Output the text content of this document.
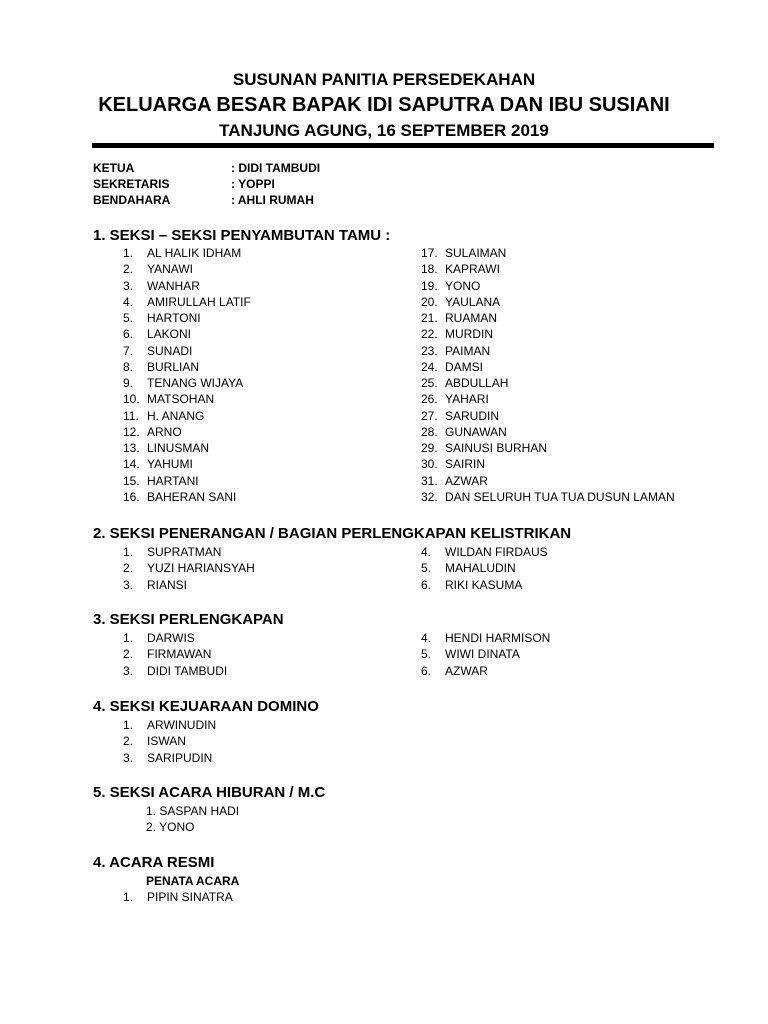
SUSUNAN PANITIA PERSEDEKAHAN
KELUARGA BESAR BAPAK IDI SAPUTRA DAN IBU SUSIANI
TANJUNG AGUNG, 16 SEPTEMBER 2019
KETUA	: DIDI TAMBUDI
SEKRETARIS	: YOPPI
BENDAHARA	: AHLI RUMAH
1. SEKSI – SEKSI PENYAMBUTAN TAMU :
1. AL HALIK IDHAM
2. YANAWI
3. WANHAR
4. AMIRULLAH LATIF
5. HARTONI
6. LAKONI
7. SUNADI
8. BURLIAN
9. TENANG WIJAYA
10. MATSOHAN
11. H. ANANG
12. ARNO
13. LINUSMAN
14. YAHUMI
15. HARTANI
16. BAHERAN SANI
17. SULAIMAN
18. KAPRAWI
19. YONO
20. YAULANA
21. RUAMAN
22. MURDIN
23. PAIMAN
24. DAMSI
25. ABDULLAH
26. YAHARI
27. SARUDIN
28. GUNAWAN
29. SAINUSI BURHAN
30. SAIRIN
31. AZWAR
32. DAN SELURUH TUA TUA DUSUN LAMAN
2. SEKSI PENERANGAN / BAGIAN PERLENGKAPAN KELISTRIKAN
1. SUPRATMAN
2. YUZI HARIANSYAH
3. RIANSI
4. WILDAN FIRDAUS
5. MAHALUDIN
6. RIKI KASUMA
3. SEKSI PERLENGKAPAN
1. DARWIS
2. FIRMAWAN
3. DIDI TAMBUDI
4. HENDI HARMISON
5. WIWI DINATA
6. AZWAR
4. SEKSI KEJUARAAN DOMINO
1. ARWINUDIN
2. ISWAN
3. SARIPUDIN
5. SEKSI ACARA HIBURAN / M.C
1. SASPAN HADI
2. YONO
4. ACARA RESMI
PENATA ACARA
1. PIPIN SINATRA
